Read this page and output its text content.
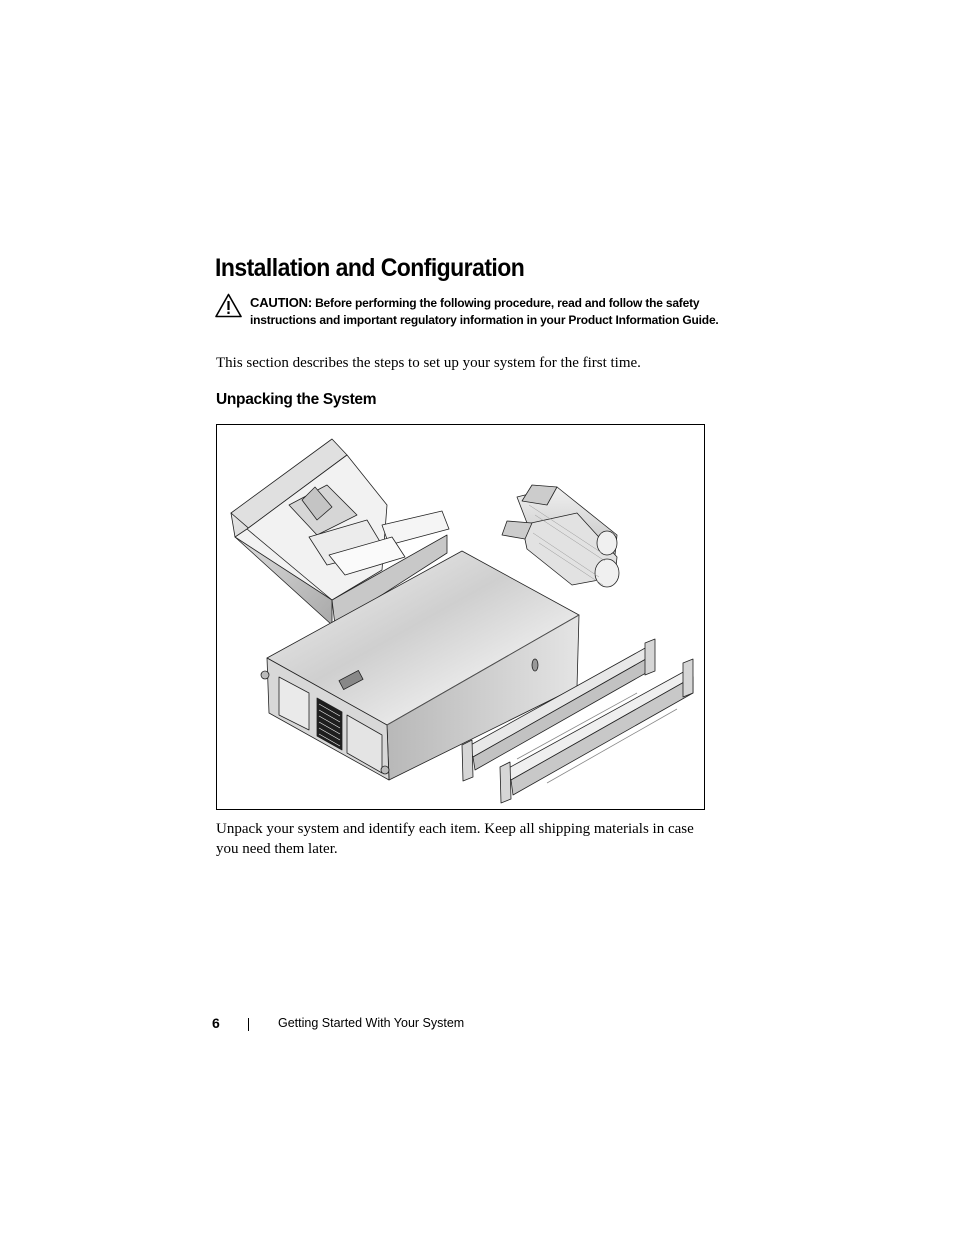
Installation and Configuration
CAUTION: Before performing the following procedure, read and follow the safety instructions and important regulatory information in your Product Information Guide.

This section describes the steps to set up your system for the first time.

Unpacking the System

Unpack your system and identify each item. Keep all shipping materials in case you need them later.

6	Getting Started With Your System
